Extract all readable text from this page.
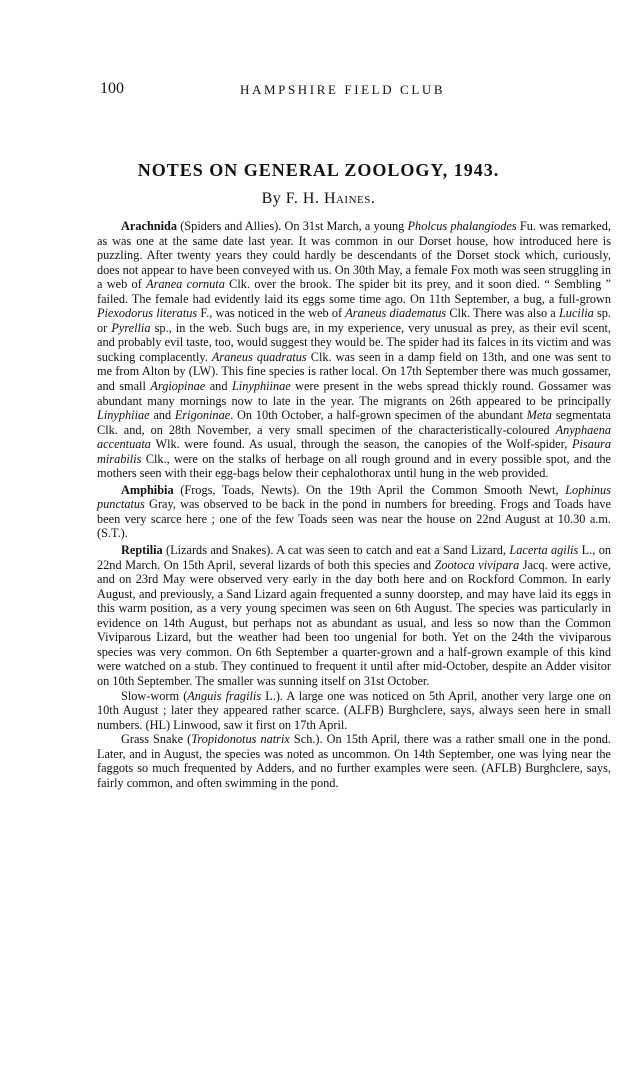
100	HAMPSHIRE FIELD CLUB
NOTES ON GENERAL ZOOLOGY, 1943.
By F. H. Haines.

Arachnida (Spiders and Allies). On 31st March, a young Pholcus phalangiodes Fu. was remarked, as was one at the same date last year. It was common in our Dorset house, how introduced here is puzzling. After twenty years they could hardly be descendants of the Dorset stock which, curiously, does not appear to have been conveyed with us. On 30th May, a female Fox moth was seen struggling in a web of Aranea cornuta Clk. over the brook. The spider bit its prey, and it soon died. “ Sembling ” failed. The female had evidently laid its eggs some time ago. On 11th September, a bug, a full-grown Piexodorus literatus F., was noticed in the web of Araneus diadematus Clk. There was also a Lucilia sp. or Pyrellia sp., in the web. Such bugs are, in my experience, very unusual as prey, as their evil scent, and probably evil taste, too, would suggest they would be. The spider had its falces in its victim and was sucking complacently. Araneus quadratus Clk. was seen in a damp field on 13th, and one was sent to me from Alton by (LW). This fine species is rather local. On 17th September there was much gossamer, and small Argiopinae and Linyphiinae were present in the webs spread thickly round. Gossamer was abundant many mornings now to late in the year. The migrants on 26th appeared to be principally Linyphiiae and Erigoninae. On 10th October, a half-grown specimen of the abundant Meta segmentata Clk. and, on 28th November, a very small specimen of the characteristically-coloured Anyphaena accentuata Wlk. were found. As usual, through the season, the canopies of the Wolf-spider, Pisaura mirabilis Clk., were on the stalks of herbage on all rough ground and in every possible spot, and the mothers seen with their egg-bags below their cephalothorax until hung in the web provided.

Amphibia (Frogs, Toads, Newts). On the 19th April the Common Smooth Newt, Lophinus punctatus Gray, was observed to be back in the pond in numbers for breeding. Frogs and Toads have been very scarce here ; one of the few Toads seen was near the house on 22nd August at 10.30 a.m. (S.T.).

Reptilia (Lizards and Snakes). A cat was seen to catch and eat a Sand Lizard, Lacerta agilis L., on 22nd March. On 15th April, several lizards of both this species and Zootoca vivipara Jacq. were active, and on 23rd May were observed very early in the day both here and on Rockford Common. In early August, and previously, a Sand Lizard again frequented a sunny doorstep, and may have laid its eggs in this warm position, as a very young specimen was seen on 6th August. The species was particularly in evidence on 14th August, but perhaps not as abundant as usual, and less so now than the Common Viviparous Lizard, but the weather had been too ungenial for both. Yet on the 24th the viviparous species was very common. On 6th September a quarter-grown and a half-grown example of this kind were watched on a stub. They continued to frequent it until after mid-October, despite an Adder visitor on 10th September. The smaller was sunning itself on 31st October.

Slow-worm (Anguis fragilis L.). A large one was noticed on 5th April, another very large one on 10th August ; later they appeared rather scarce. (ALFB) Burghclere, says, always seen here in small numbers. (HL) Linwood, saw it first on 17th April.

Grass Snake (Tropidonotus natrix Sch.). On 15th April, there was a rather small one in the pond. Later, and in August, the species was noted as uncommon. On 14th September, one was lying near the faggots so much frequented by Adders, and no further examples were seen. (AFLB) Burghclere, says, fairly common, and often swimming in the pond.
